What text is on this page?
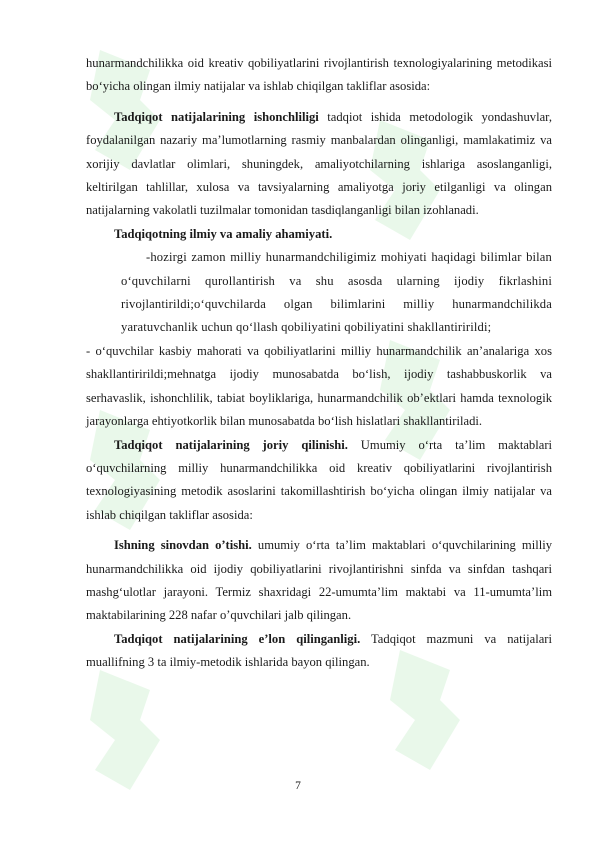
hunarmandchilikka oid kreativ qobiliyatlarini rivojlantirish texnologiyalarining metodikasi bo‘yicha olingan ilmiy natijalar va ishlab chiqilgan takliflar asosida:

Tadqiqot natijalarining ishonchliligi tadqiot ishida metodologik yondashuvlar, foydalanilgan nazariy ma’lumotlarning rasmiy manbalardan olinganligi, mamlakatimiz va xorijiy davlatlar olimlari, shuningdek, amaliyotchilarning ishlariga asoslanganligi, keltirilgan tahlillar, xulosa va tavsiyalarning amaliyotga joriy etilganligi va olingan natijalarning vakolatli tuzilmalar tomonidan tasdiqlanganligi bilan izohlanadi.

Tadqiqotning ilmiy va amaliy ahamiyati.

-hozirgi zamon milliy hunarmandchiligimiz mohiyati haqidagi bilimlar bilan o‘quvchilarni qurollantirish va shu asosda ularning ijodiy fikrlashini rivojlantirildi;o‘quvchilarda olgan bilimlarini milliy hunarmandchilikda yaratuvchanlik uchun qo‘llash qobiliyatini qobiliyatini shakllantiririldi;

- o‘quvchilar kasbiy mahorati va qobiliyatlarini milliy hunarmandchilik an’analariga xos shakllantiririldi;mehnatga ijodiy munosabatda bo‘lish, ijodiy tashabbuskorlik va serhavaslik, ishonchlilik, tabiat boyliklariga, hunarmandchilik ob’ektlari hamda texnologik jarayonlarga ehtiyotkorlik bilan munosabatda bo‘lish hislatlari shakllantiriladi.

Tadqiqot natijalarining joriy qilinishi. Umumiy o‘rta ta’lim maktablari o‘quvchilarning milliy hunarmandchilikka oid kreativ qobiliyatlarini rivojlantirish texnologiyasining metodik asoslarini takomillashtirish bo‘yicha olingan ilmiy natijalar va ishlab chiqilgan takliflar asosida:

Ishning sinovdan o’tishi. umumiy o‘rta ta’lim maktablari o‘quvchilarining milliy hunarmandchilikka oid ijodiy qobiliyatlarini rivojlantirishni sinfda va sinfdan tashqari mashg‘ulotlar jarayoni. Termiz shaxridagi 22-umumta’lim maktabi va 11-umumta’lim maktabilarining 228 nafar o’quvchilari jalb qilingan.

Tadqiqot natijalarining e’lon qilinganligi. Tadqiqot mazmuni va natijalari muallifning 3 ta ilmiy-metodik ishlarida bayon qilingan.

7
